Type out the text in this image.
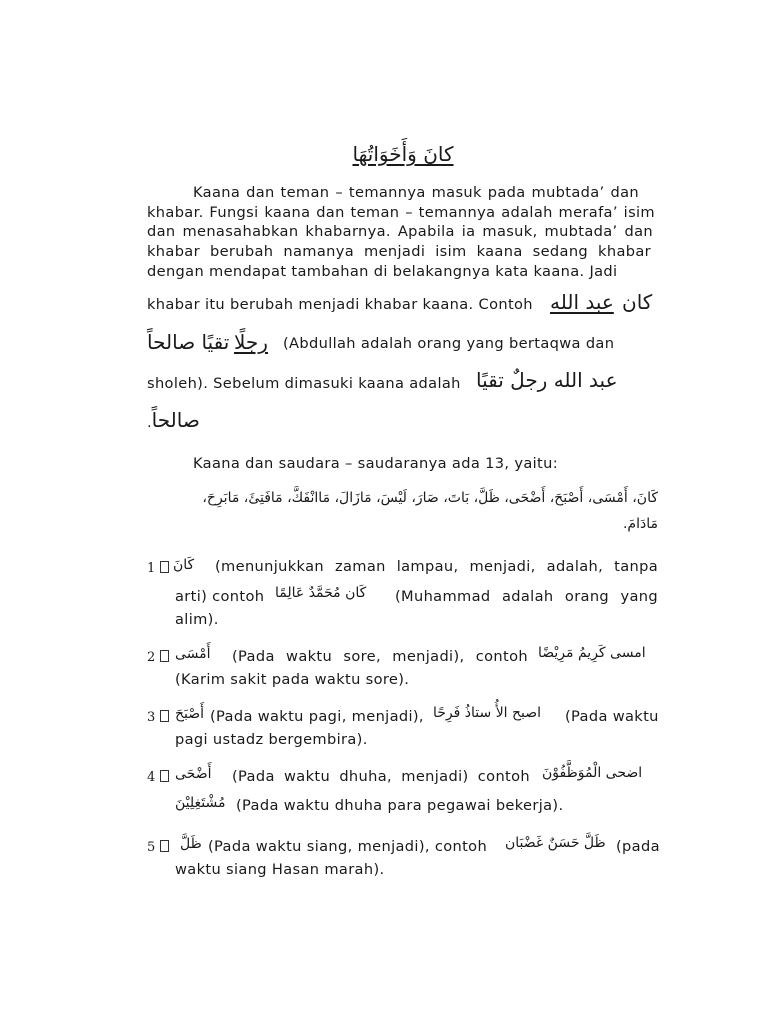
كانَ وَأَخَوَاتُهَا
Kaana dan teman – temannya masuk pada mubtada’ dan
khabar. Fungsi kaana dan teman – temannya adalah merafa’ isim
dan menasahabkan khabarnya. Apabila ia masuk, mubtada’ dan
khabar berubah namanya menjadi isim kaana sedang khabar
dengan mendapat tambahan di belakangnya kata kaana. Jadi
khabar itu berubah menjadi khabar kaana. Contoh عبد الله كان
تقيًا صالحاً رجلًا (Abdullah adalah orang yang bertaqwa dan
sholeh). Sebelum dimasuki kaana adalah عبد الله رجلٌ تقيًا
صالحاً.
Kaana dan saudara – saudaranya ada 13, yaitu:
كَانَ، أَمْسَى، أَصْبَحَ، أَضْحَى، ظَلَّ، بَاتَ، صَارَ، لَيْسَ، مَازَالَ، مَاانْفَكَّ، مَافَتِئَ، مَابَرِحَ،
مَادَامَ.
1	كَانَ (menunjukkan zaman lampau, menjadi, adalah, tanpa
arti) contoh كَان مُحَمَّدٌ عَالِمًا (Muhammad adalah orang yang
alim).
2	أَمْسَى (Pada waktu sore, menjadi), contoh امسى كَرِيمُ مَرِيْضًا
(Karim sakit pada waktu sore).
3	أَصْبَحَ (Pada waktu pagi, menjadi), اصبح الأُ ستاذُ فَرِحًا (Pada waktu
pagi ustadz bergembira).
4	أَضْحَى (Pada waktu dhuha, menjadi) contoh اضحى الْمُوَظَّفُوْنَ
مُشْتَغِلِيْنَ (Pada waktu dhuha para pegawai bekerja).
5	ظَلَّ (Pada waktu siang, menjadi), contoh ظَلَّ حَسَنٌ غَضْبَان (pada
waktu siang Hasan marah).
